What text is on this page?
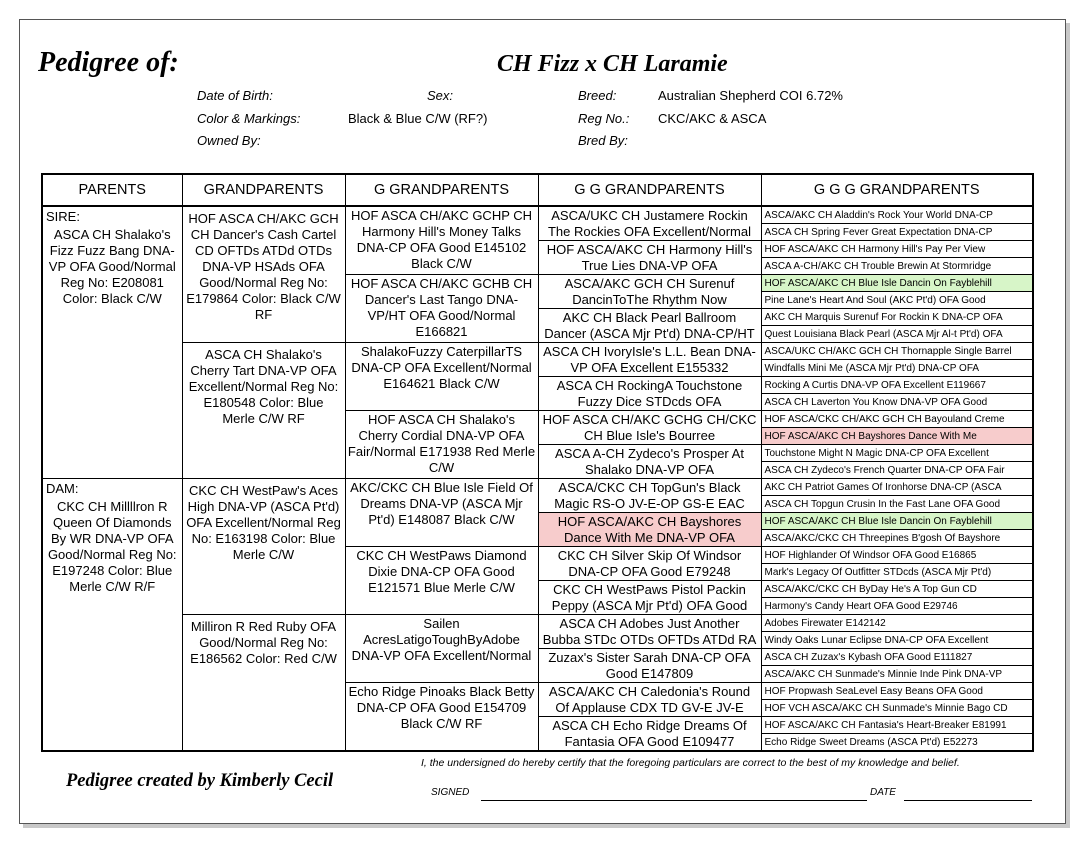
Pedigree of:	CH Fizz x CH Laramie
Date of Birth:	Sex:	Breed:	Australian Shepherd COI 6.72%
Color & Markings:	Black & Blue C/W (RF?)	Reg No.: CKC/AKC & ASCA
Owned By:	Bred By:
PARENTS	GRANDPARENTS	G GRANDPARENTS	G G GRANDPARENTS	G G G GRANDPARENTS

SIRE:
ASCA CH Shalako's Fizz Fuzz Bang DNA-VP OFA Good/Normal Reg No: E208081 Color: Black C/W	HOF ASCA CH/AKC GCH CH Dancer's Cash Cartel CD OFTDs ATDd OTDs DNA-VP HSAds OFA Good/Normal Reg No: E179864 Color: Black C/W RF	HOF ASCA CH/AKC GCHP CH Harmony Hill's Money Talks DNA-CP OFA Good E145102 Black C/W	ASCA/UKC CH Justamere Rockin The Rockies OFA Excellent/Normal	ASCA/AKC CH Aladdin's Rock Your World DNA-CP
				ASCA CH Spring Fever Great Expectation DNA-CP
			HOF ASCA/AKC CH Harmony Hill's True Lies DNA-VP OFA	HOF ASCA/AKC CH Harmony Hill's Pay Per View
				ASCA A-CH/AKC CH Trouble Brewin At Stormridge
		HOF ASCA CH/AKC GCHB CH Dancer's Last Tango DNA-VP/HT OFA Good/Normal E166821	ASCA/AKC GCH CH Surenuf DancinToThe Rhythm Now	HOF ASCA/AKC CH Blue Isle Dancin On Fayblehill
				Pine Lane's Heart And Soul (AKC Pt'd) OFA Good
			AKC CH Black Pearl Ballroom Dancer (ASCA Mjr Pt'd) DNA-CP/HT	AKC CH Marquis Surenuf For Rockin K DNA-CP OFA
				Quest Louisiana Black Pearl (ASCA Mjr Al-t Pt'd) OFA
	ASCA CH Shalako's Cherry Tart DNA-VP OFA Excellent/Normal Reg No: E180548 Color: Blue Merle C/W RF	ShalakoFuzzy CaterpillarTS DNA-CP OFA Excellent/Normal E164621 Black C/W	ASCA CH IvoryIsle's L.L. Bean DNA-VP OFA Excellent E155332	ASCA/UKC CH/AKC GCH CH Thornapple Single Barrel
				Windfalls Mini Me (ASCA Mjr Pt'd) DNA-CP OFA
			ASCA CH RockingA Touchstone Fuzzy Dice STDcds OFA	Rocking A Curtis DNA-VP OFA Excellent E119667
				ASCA CH Laverton You Know DNA-VP OFA Good
		HOF ASCA CH Shalako's Cherry Cordial DNA-VP OFA Fair/Normal E171938 Red Merle C/W	HOF ASCA CH/AKC GCHG CH/CKC CH Blue Isle's Bourree	HOF ASCA/CKC CH/AKC GCH CH Bayouland Creme
				HOF ASCA/AKC CH Bayshores Dance With Me
			ASCA A-CH Zydeco's Prosper At Shalako DNA-VP OFA	Touchstone Might N Magic DNA-CP OFA Excellent
				ASCA CH Zydeco's French Quarter DNA-CP OFA Fair

DAM:
CKC CH Millllron R Queen Of Diamonds By WR DNA-VP OFA Good/Normal Reg No: E197248 Color: Blue Merle C/W R/F	CKC CH WestPaw's Aces High DNA-VP (ASCA Pt'd) OFA Excellent/Normal Reg No: E163198 Color: Blue Merle C/W	AKC/CKC CH Blue Isle Field Of Dreams DNA-VP (ASCA Mjr Pt'd) E148087 Black C/W	ASCA/CKC CH TopGun's Black Magic RS-O JV-E-OP GS-E EAC	AKC CH Patriot Games Of Ironhorse DNA-CP (ASCA
				ASCA CH Topgun Crusin In the Fast Lane OFA Good
			HOF ASCA/AKC CH Bayshores Dance With Me DNA-VP OFA	HOF ASCA/AKC CH Blue Isle Dancin On Fayblehill
				ASCA/AKC/CKC CH Threepines B'gosh Of Bayshore
		CKC CH WestPaws Diamond Dixie DNA-CP OFA Good E121571 Blue Merle C/W	CKC CH Silver Skip Of Windsor DNA-CP OFA Good E79248	HOF Highlander Of Windsor OFA Good E16865
				Mark's Legacy Of Outfitter STDcds (ASCA Mjr Pt'd)
			CKC CH WestPaws Pistol Packin Peppy (ASCA Mjr Pt'd) OFA Good	ASCA/AKC/CKC CH ByDay He's A Top Gun CD
				Harmony's Candy Heart OFA Good E29746
	Milliron R Red Ruby OFA Good/Normal Reg No: E186562 Color: Red C/W	Sailen AcresLatigoToughByAdobe DNA-VP OFA Excellent/Normal	ASCA CH Adobes Just Another Bubba STDc OTDs OFTDs ATDd RA	Adobes Firewater E142142
				Windy Oaks Lunar Eclipse DNA-CP OFA Excellent
			Zuzax's Sister Sarah DNA-CP OFA Good E147809	ASCA CH Zuzax's Kybash OFA Good E111827
				ASCA/AKC CH Sunmade's Minnie Inde Pink DNA-VP
		Echo Ridge Pinoaks Black Betty DNA-CP OFA Good E154709 Black C/W RF	ASCA/AKC CH Caledonia's Round Of Applause CDX TD GV-E JV-E	HOF Propwash SeaLevel Easy Beans OFA Good
				HOF VCH ASCA/AKC CH Sunmade's Minnie Bago CD
			ASCA CH Echo Ridge Dreams Of Fantasia OFA Good E109477	HOF ASCA/AKC CH Fantasia's Heart-Breaker E81991
				Echo Ridge Sweet Dreams (ASCA Pt'd) E52273
Pedigree created by Kimberly Cecil
I, the undersigned do hereby certify that the foregoing particulars are correct to the best of my knowledge and belief.
SIGNED	DATE
